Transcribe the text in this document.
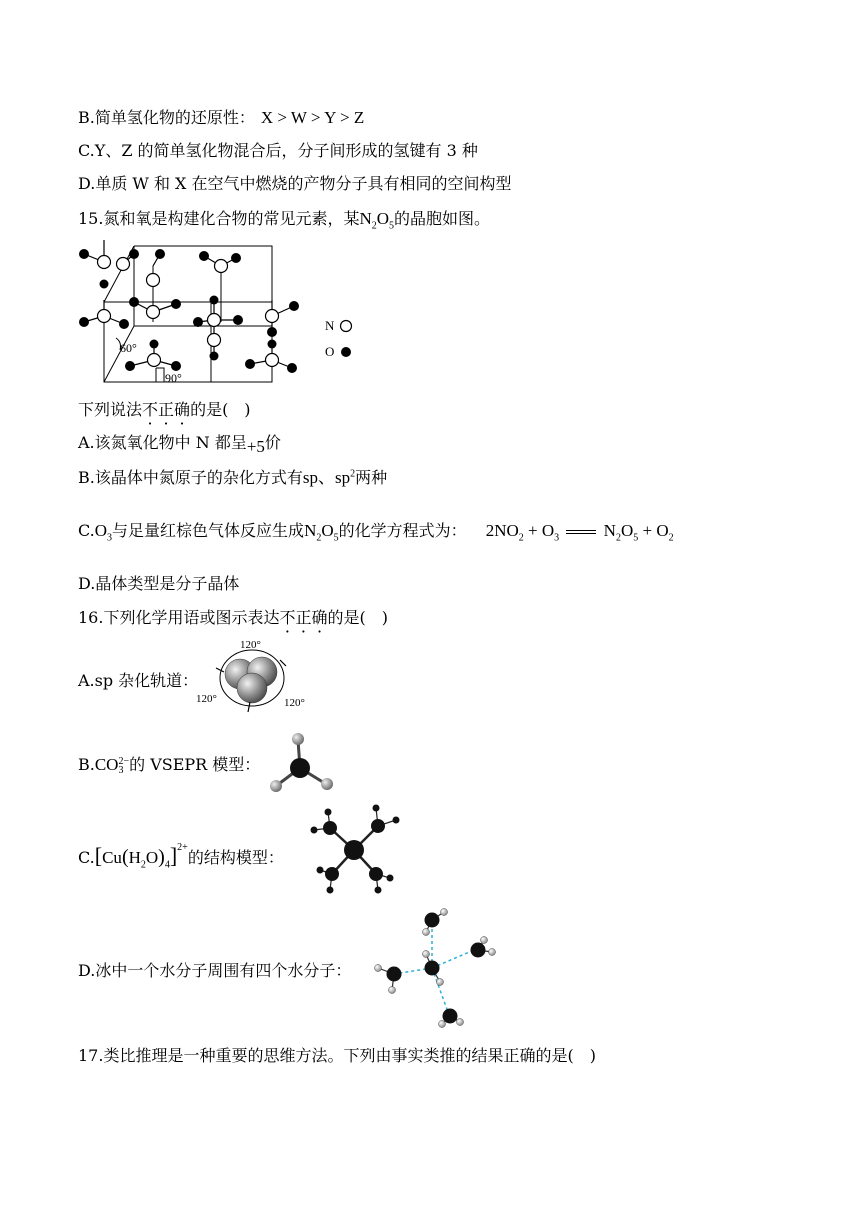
B.简单氢化物的还原性： X > W > Y > Z
C.Y、Z 的简单氢化物混合后，分子间形成的氢键有 3 种
D.单质 W 和 X 在空气中燃烧的产物分子具有相同的空间构型
15.氮和氧是构建化合物的常见元素，某$N_2O_5$的晶胞如图。
60°
90°
N
O
下列说法不正确的是(　)
A.该氮氧化物中 N 都呈+5价
B.该晶体中氮原子的杂化方式有sp、$sp^2$两种
$C.O_3$与足量红棕色气体反应生成$N_2O_5$的化学方程式为： $2NO_2 + O_3$  $N_2O_5 + O_2$
D.晶体类型是分子晶体
16.下列化学用语或图示表达不正确的是(　)
A.sp 杂化轨道：
120°
120°	120°
B.CO 2−
3 的 VSEPR 模型：
$C.[Cu(H_2O)_4]^{2+}$的结构模型：
D.冰中一个水分子周围有四个水分子：
17.类比推理是一种重要的思维方法。下列由事实类推的结果正确的是(　)
